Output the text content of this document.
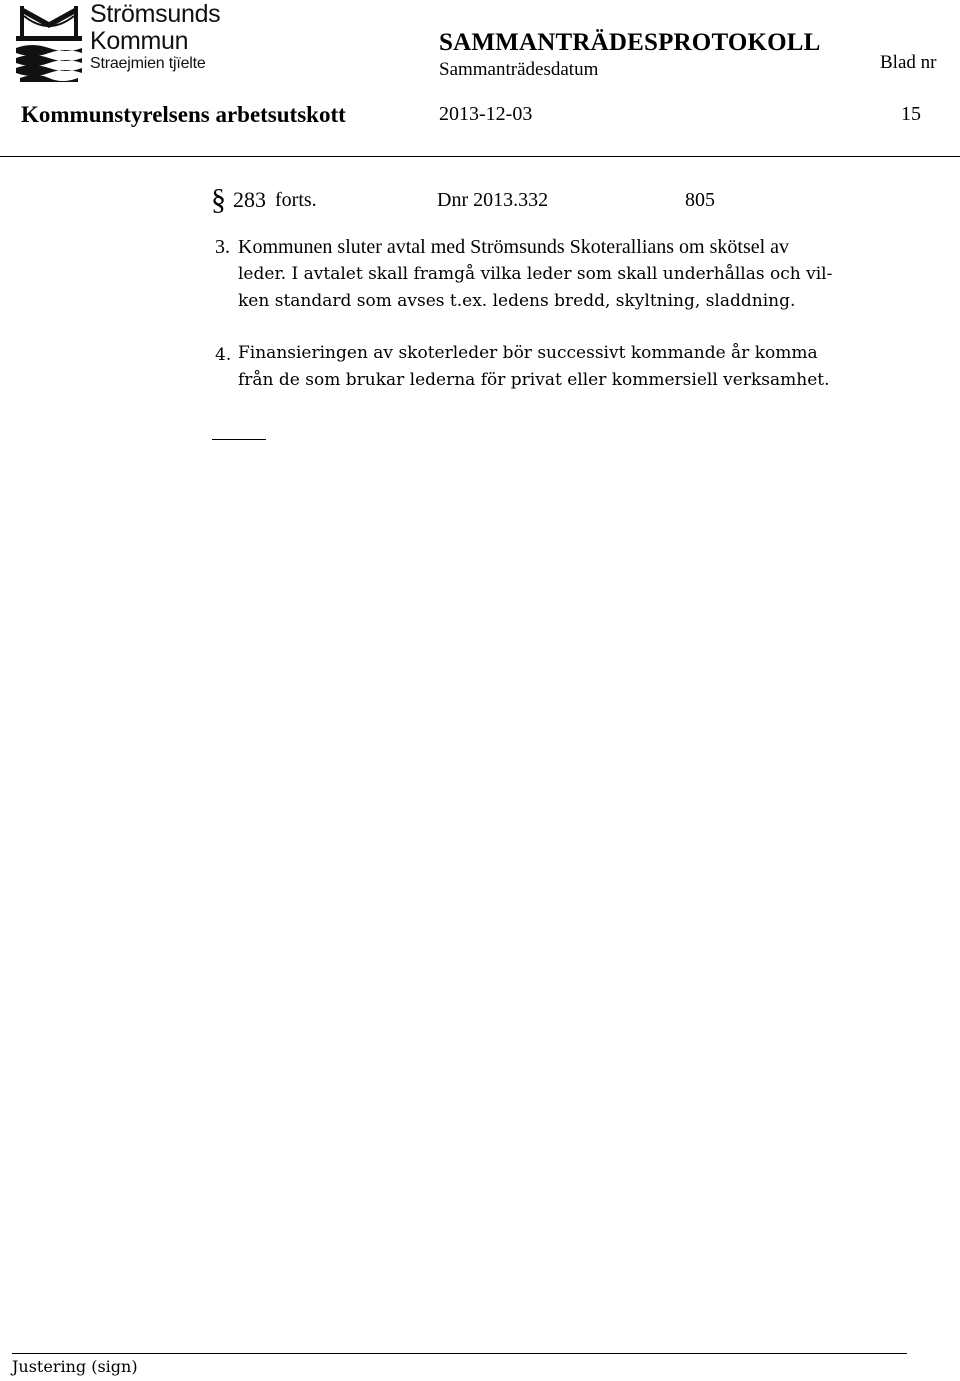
Strömsunds
Kommun
Straejmien tjïelte
SAMMANTRÄDESPROTOKOLL
Sammanträdesdatum	Blad nr
Kommunstyrelsens arbetsutskott	2013-12-03	15
§ 283 forts.	Dnr 2013.332	805
3. Kommunen sluter avtal med Strömsunds Skoterallians om skötsel av
leder. I avtalet skall framgå vilka leder som skall underhållas och vil-
ken standard som avses t.ex. ledens bredd, skyltning, sladdning.
4. Finansieringen av skoterleder bör successivt kommande år komma
från de som brukar lederna för privat eller kommersiell verksamhet.
Justering (sign)
